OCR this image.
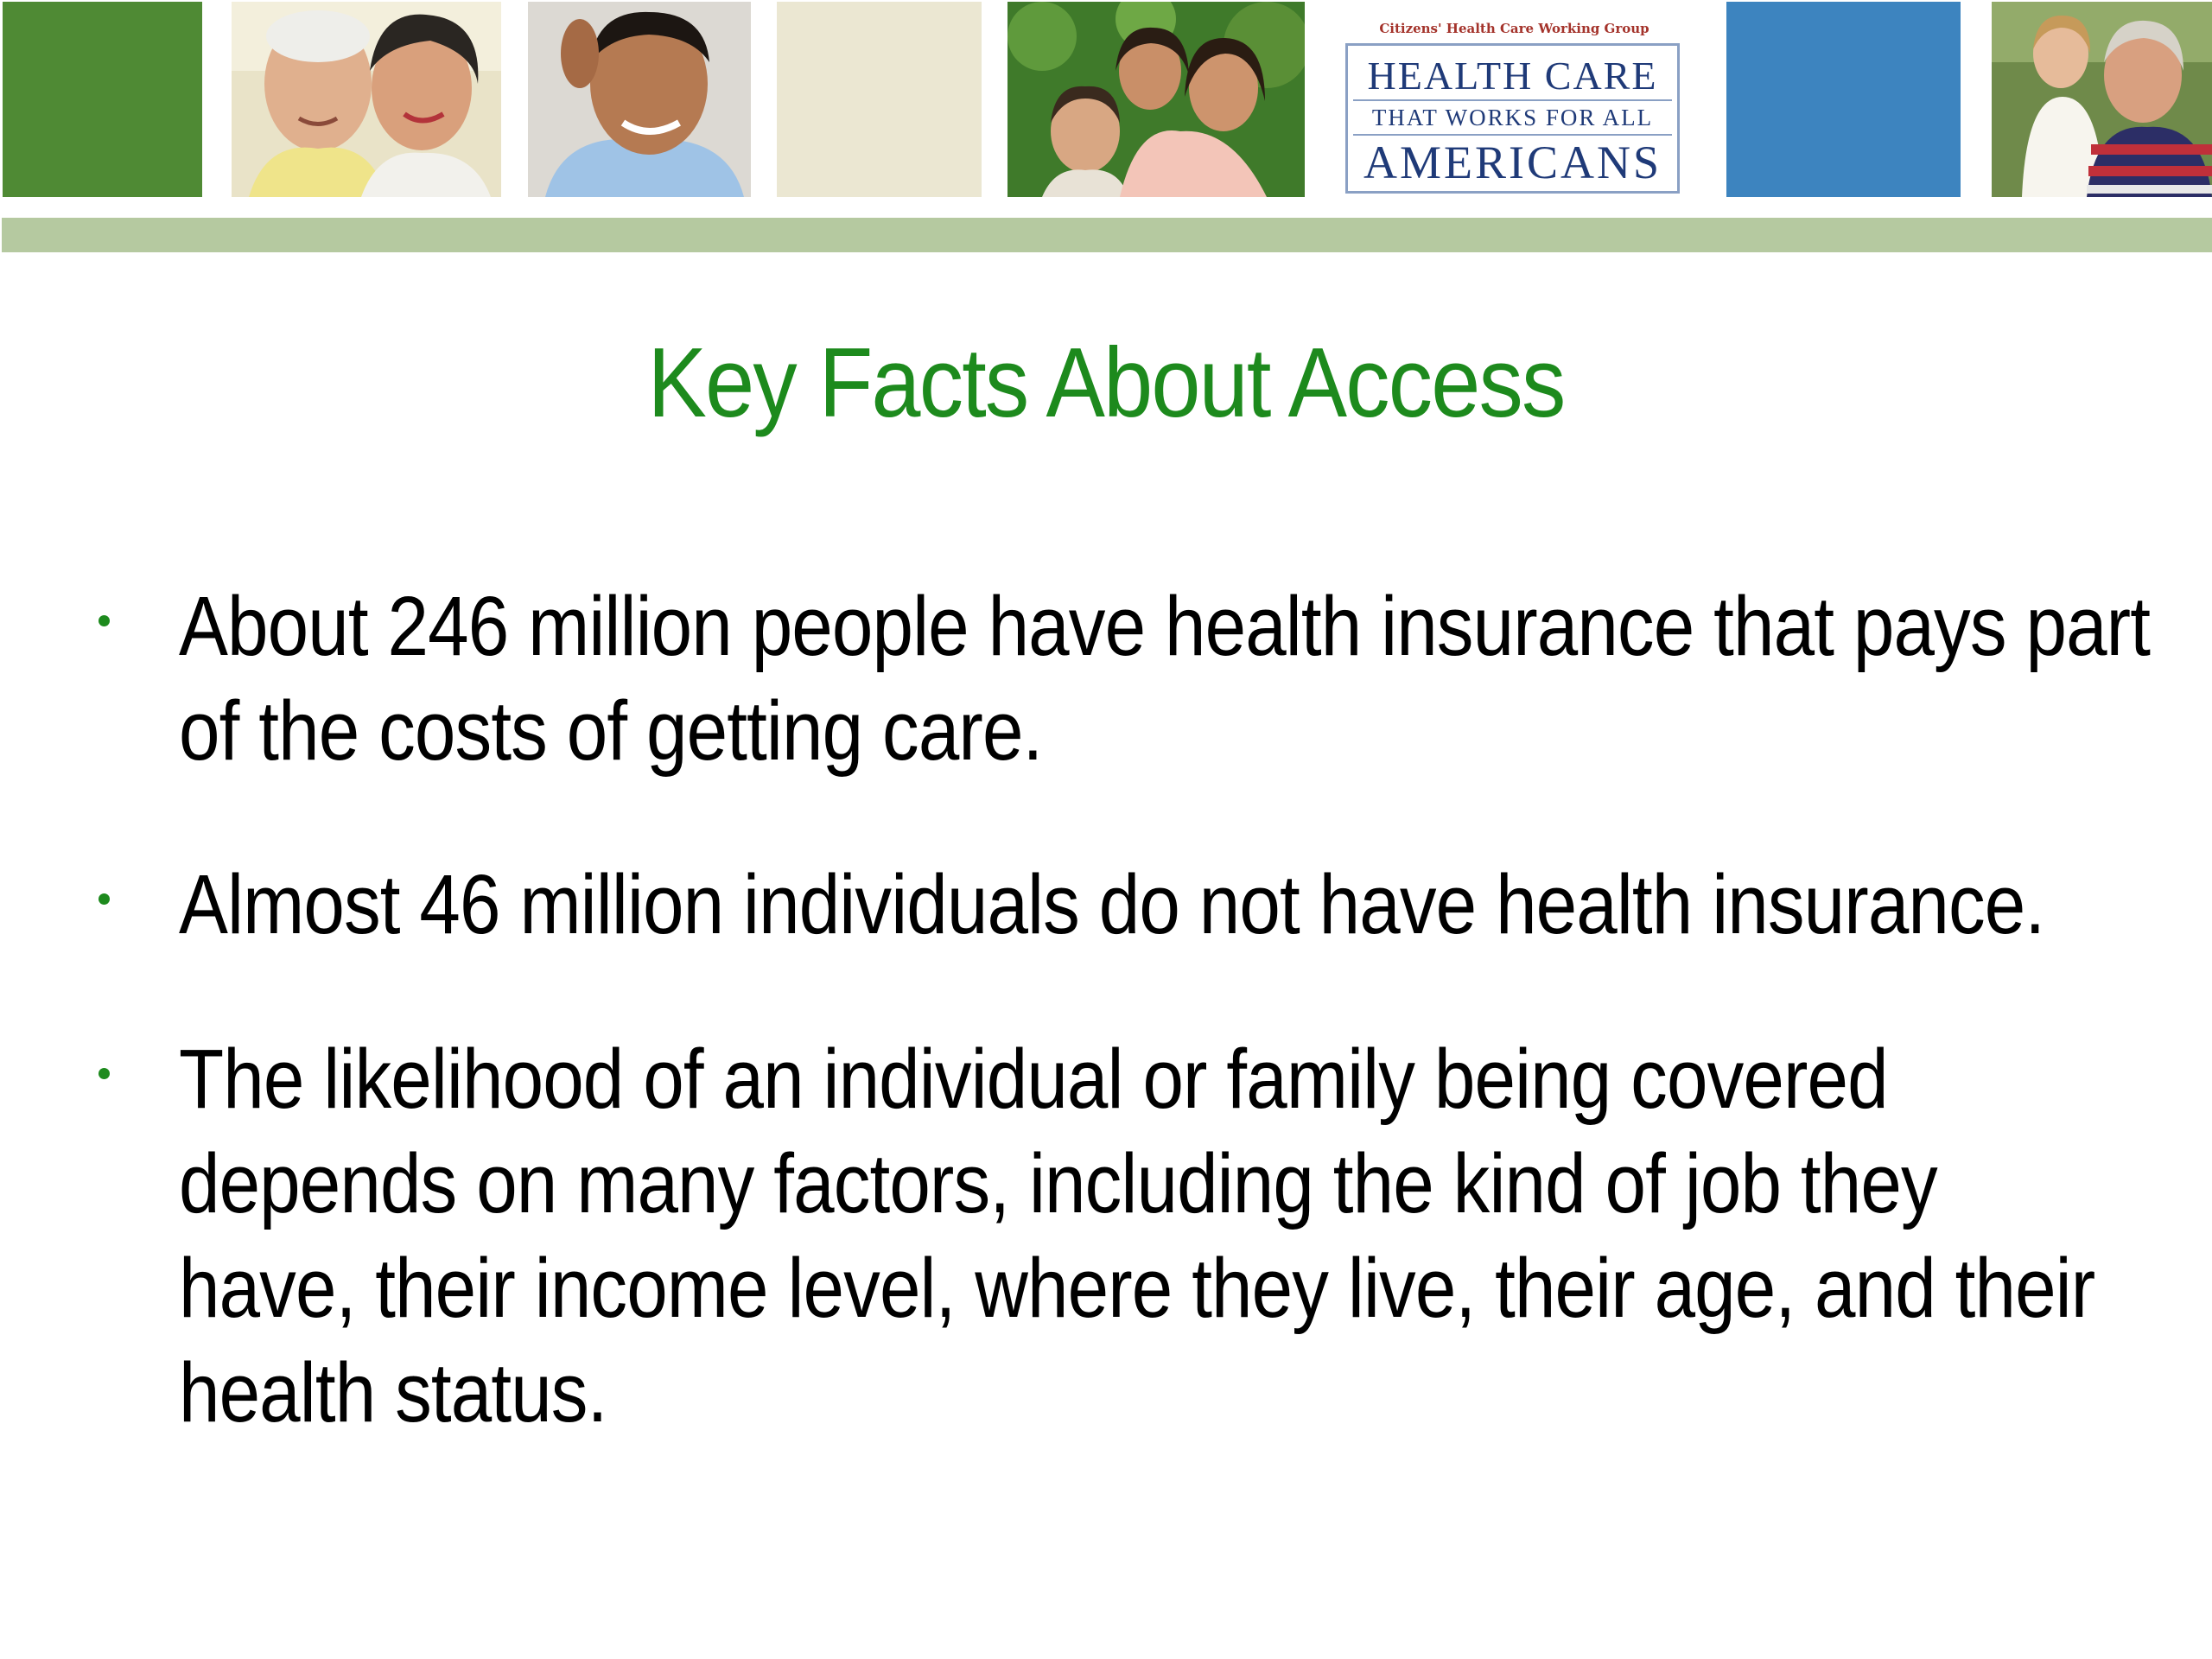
Citizens' Health Care Working Group
HEALTH CARE
THAT WORKS FOR ALL
AMERICANS
Key Facts About Access
About 246 million people have health insurance that pays part
of the costs of getting care.
Almost 46 million individuals do not have health insurance.
The likelihood of an individual or family being covered
depends on many factors, including the kind of job they
have, their income level, where they live, their age, and their
health status.
